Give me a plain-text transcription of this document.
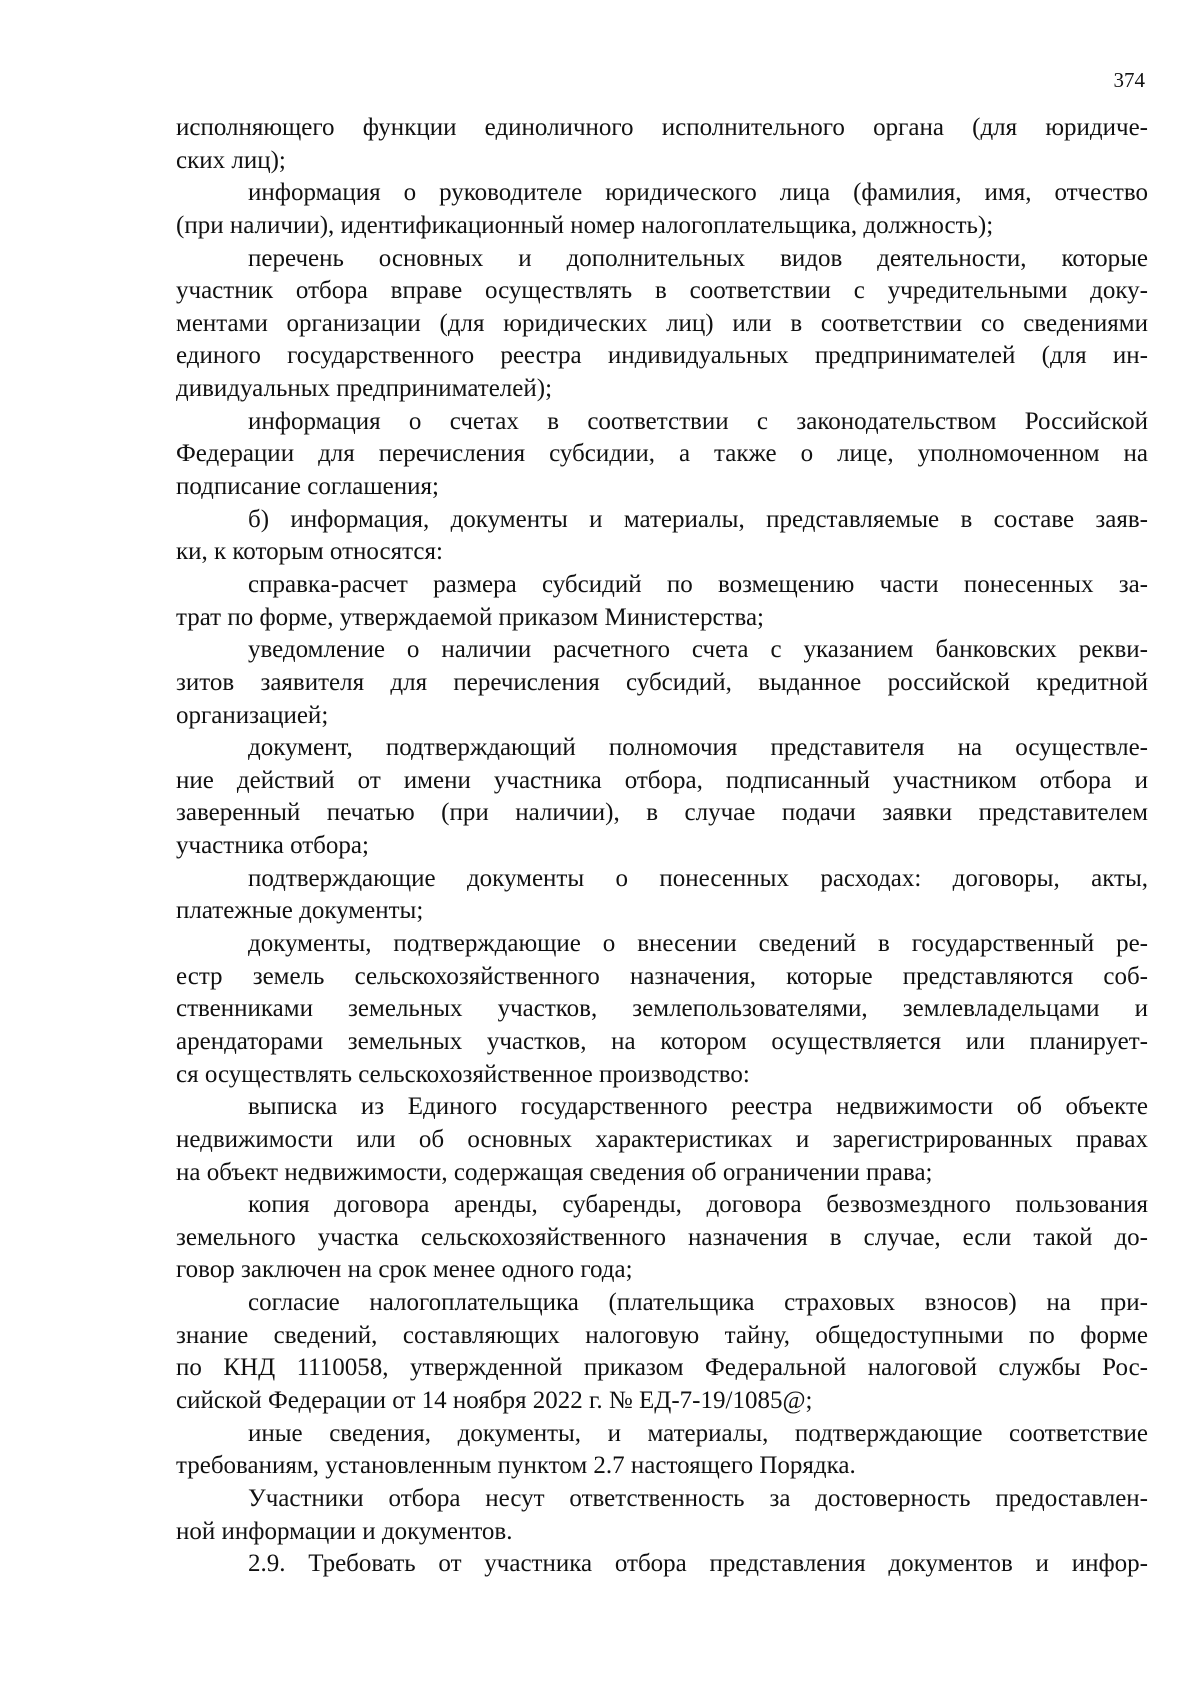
374
исполняющего функции единоличного исполнительного органа (для юридиче-
ских лиц);
информация о руководителе юридического лица (фамилия, имя, отчество
(при наличии), идентификационный номер налогоплательщика, должность);
перечень основных и дополнительных видов деятельности, которые
участник отбора вправе осуществлять в соответствии с учредительными доку-
ментами организации (для юридических лиц) или в соответствии со сведениями
единого государственного реестра индивидуальных предпринимателей (для ин-
дивидуальных предпринимателей);
информация о счетах в соответствии с законодательством Российской
Федерации для перечисления субсидии, а также о лице, уполномоченном на
подписание соглашения;
б) информация, документы и материалы, представляемые в составе заяв-
ки, к которым относятся:
справка-расчет размера субсидий по возмещению части понесенных за-
трат по форме, утверждаемой приказом Министерства;
уведомление о наличии расчетного счета с указанием банковских рекви-
зитов заявителя для перечисления субсидий, выданное российской кредитной
организацией;
документ, подтверждающий полномочия представителя на осуществле-
ние действий от имени участника отбора, подписанный участником отбора и
заверенный печатью (при наличии), в случае подачи заявки представителем
участника отбора;
подтверждающие документы о понесенных расходах: договоры, акты,
платежные документы;
документы, подтверждающие о внесении сведений в государственный ре-
естр земель сельскохозяйственного назначения, которые представляются соб-
ственниками земельных участков, землепользователями, землевладельцами и
арендаторами земельных участков, на котором осуществляется или планирует-
ся осуществлять сельскохозяйственное производство:
выписка из Единого государственного реестра недвижимости об объекте
недвижимости или об основных характеристиках и зарегистрированных правах
на объект недвижимости, содержащая сведения об ограничении права;
копия договора аренды, субаренды, договора безвозмездного пользования
земельного участка сельскохозяйственного назначения в случае, если такой до-
говор заключен на срок менее одного года;
согласие налогоплательщика (плательщика страховых взносов) на при-
знание сведений, составляющих налоговую тайну, общедоступными по форме
по КНД 1110058, утвержденной приказом Федеральной налоговой службы Рос-
сийской Федерации от 14 ноября 2022 г. № ЕД-7-19/1085@;
иные сведения, документы, и материалы, подтверждающие соответствие
требованиям, установленным пунктом 2.7 настоящего Порядка.
Участники отбора несут ответственность за достоверность предоставлен-
ной информации и документов.
2.9. Требовать от участника отбора представления документов и инфор-
